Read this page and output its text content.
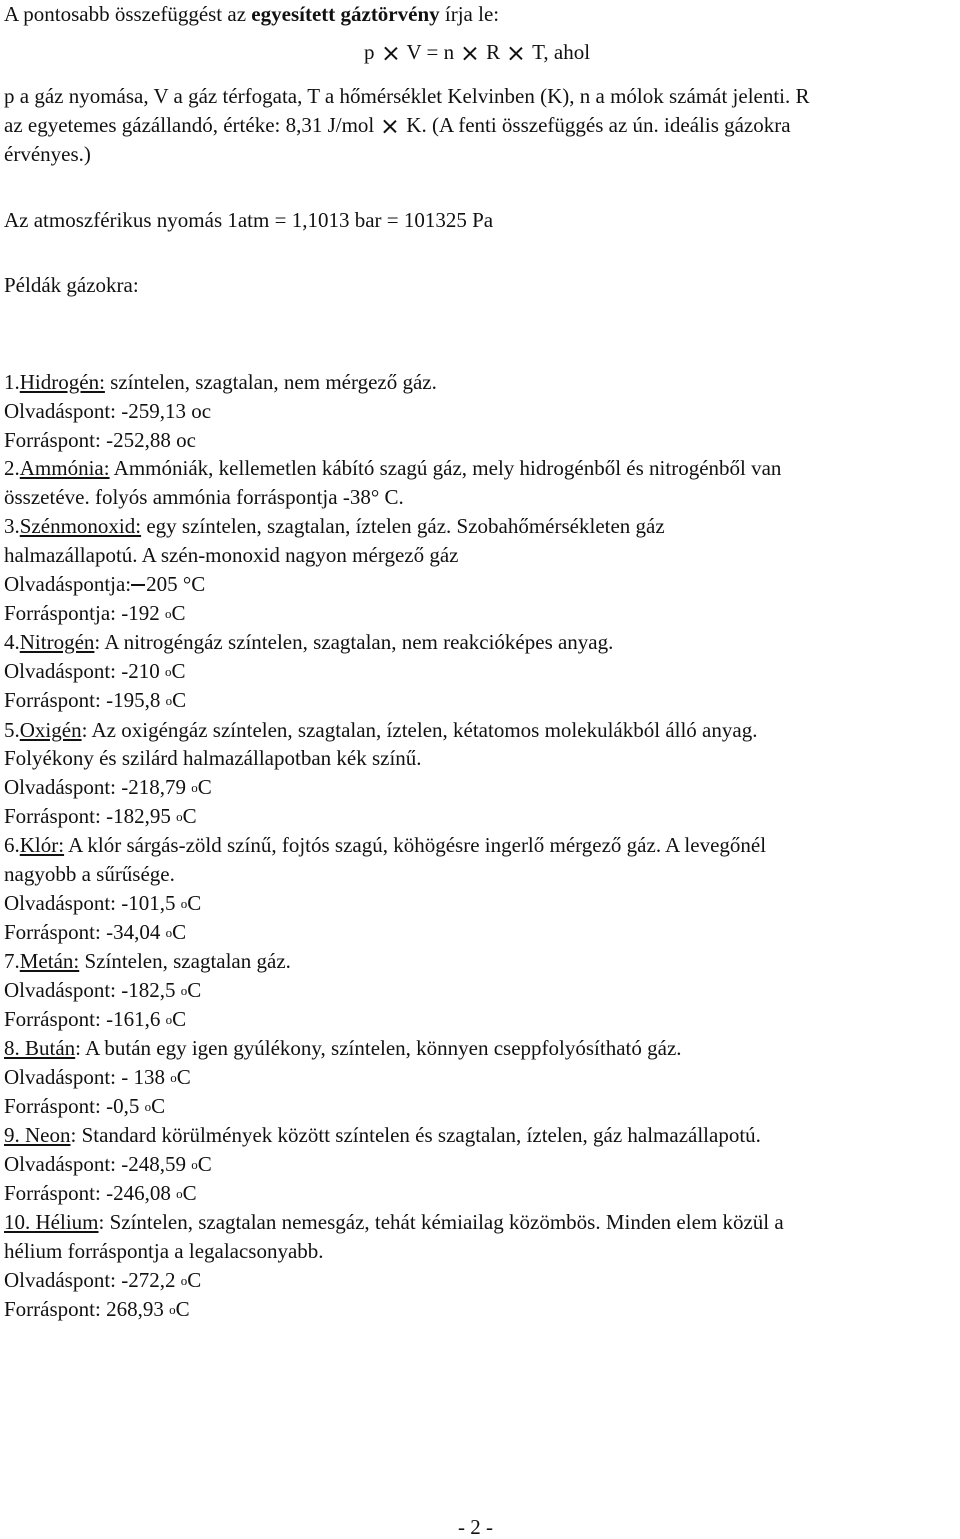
A pontosabb összefüggést az egyesített gáztörvény írja le:
p V = n R T, ahol
p a gáz nyomása, V a gáz térfogata, T a hőmérséklet Kelvinben (K), n a mólok számát jelenti. R
az egyetemes gázállandó, értéke: 8,31 J/mol K. (A fenti összefüggés az ún. ideális gázokra
érvényes.)
Az atmoszférikus nyomás 1atm = 1,1013 bar = 101325 Pa
Példák gázokra:
1.Hidrogén: színtelen, szagtalan, nem mérgező gáz.
Olvadáspont: -259,13 oc
Forráspont: -252,88 oc
2.Ammónia: Ammóniák, kellemetlen kábító szagú gáz, mely hidrogénből és nitrogénből van
összetéve. folyós ammónia forráspontja -38° C.
3.Szénmonoxid: egy színtelen, szagtalan, íztelen gáz. Szobahőmérsékleten gáz
halmazállapotú. A szén-monoxid nagyon mérgező gáz
Olvadáspontja: 205 °C
Forráspontja: -192 $^o$C
4.Nitrogén: A nitrogéngáz színtelen, szagtalan, nem reakcióképes anyag.
Olvadáspont: -210 $^o$C
Forráspont: -195,8 $^o$C
5.Oxigén: Az oxigéngáz színtelen, szagtalan, íztelen, kétatomos molekulákból álló anyag.
Folyékony és szilárd halmazállapotban kék színű.
Olvadáspont: -218,79 $^o$C
Forráspont: -182,95 $^o$C
6.Klór: A klór sárgás-zöld színű, fojtós szagú, köhögésre ingerlő mérgező gáz. A levegőnél
nagyobb a sűrűsége.
Olvadáspont: -101,5 $^o$C
Forráspont: -34,04 $^o$C
7.Metán: Színtelen, szagtalan gáz.
Olvadáspont: -182,5 $^o$C
Forráspont: -161,6 $^o$C
8. Bután: A bután egy igen gyúlékony, színtelen, könnyen cseppfolyósítható gáz.
Olvadáspont: - 138 $^o$C
Forráspont: -0,5 $^o$C
9. Neon: Standard körülmények között színtelen és szagtalan, íztelen, gáz halmazállapotú.
Olvadáspont: -248,59 $^o$C
Forráspont: -246,08 $^o$C
10. Hélium: Színtelen, szagtalan nemesgáz, tehát kémiailag közömbös. Minden elem közül a
hélium forráspontja a legalacsonyabb.
Olvadáspont: -272,2 $^o$C
Forráspont: 268,93 $^o$C
- 2 -
